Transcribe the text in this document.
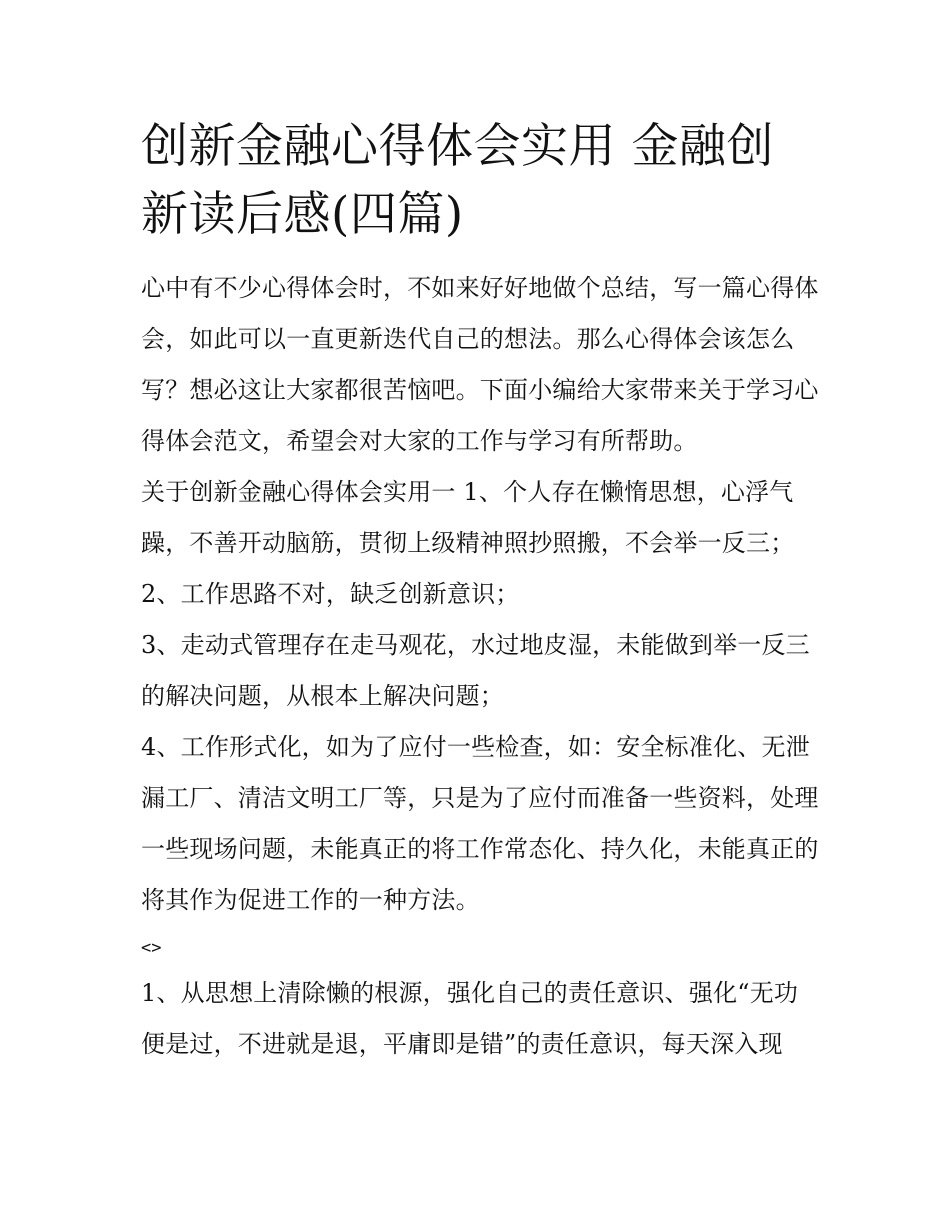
创新金融心得体会实用 金融创新读后感(四篇)

心中有不少心得体会时，不如来好好地做个总结，写一篇心得体会，如此可以一直更新迭代自己的想法。那么心得体会该怎么写？想必这让大家都很苦恼吧。下面小编给大家带来关于学习心得体会范文，希望会对大家的工作与学习有所帮助。

关于创新金融心得体会实用一 1、个人存在懒惰思想，心浮气躁，不善开动脑筋，贯彻上级精神照抄照搬，不会举一反三；

2、工作思路不对，缺乏创新意识；

3、走动式管理存在走马观花，水过地皮湿，未能做到举一反三的解决问题，从根本上解决问题；

4、工作形式化，如为了应付一些检查，如：安全标准化、无泄漏工厂、清洁文明工厂等，只是为了应付而准备一些资料，处理一些现场问题，未能真正的将工作常态化、持久化，未能真正的将其作为促进工作的一种方法。

<>

1、从思想上清除懒的根源，强化自己的责任意识、强化“无功便是过，不进就是退，平庸即是错”的责任意识，每天深入现
